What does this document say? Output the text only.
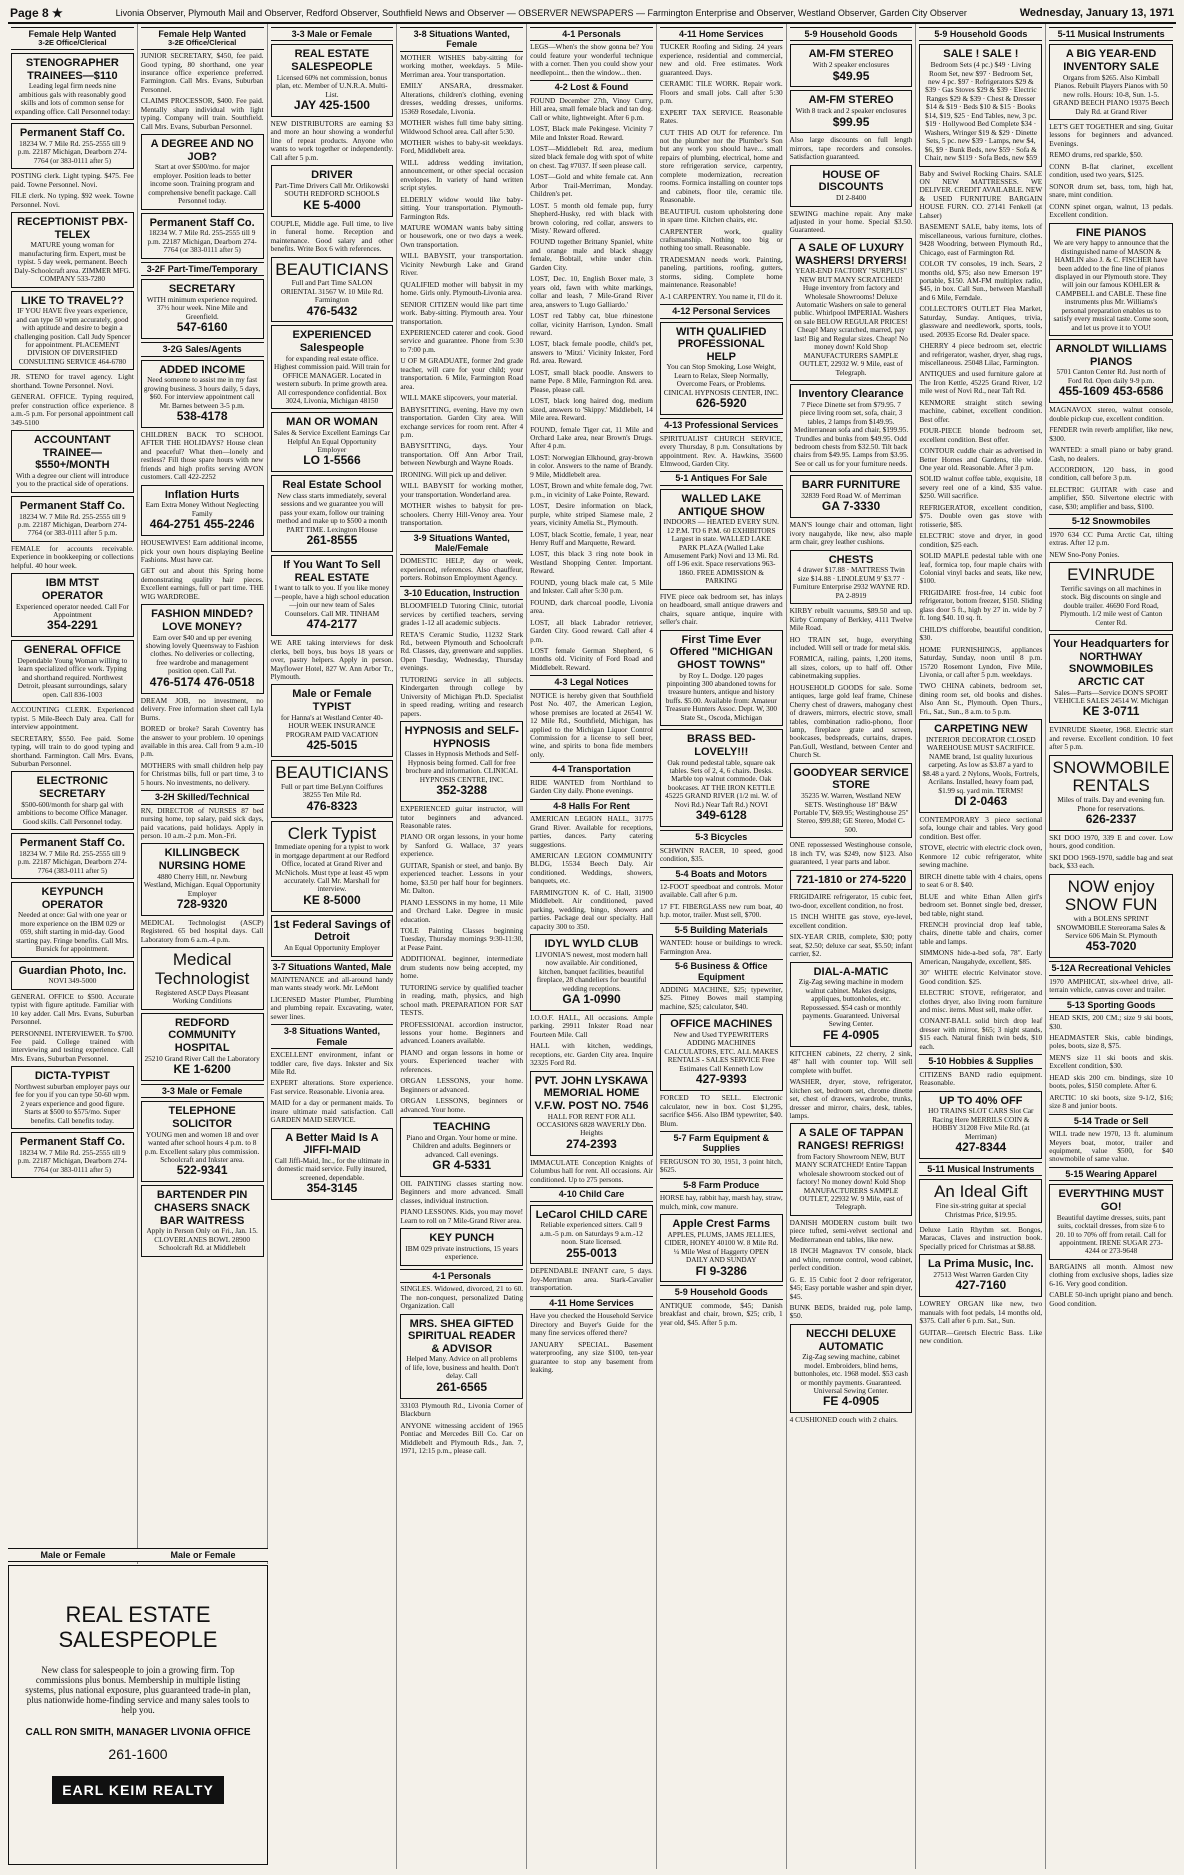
Page 8 ★	Livonia Observer, Plymouth Mail and Observer, Redford Observer, Southfield News and Observer — OBSERVER NEWSPAPERS — Farmington Enterprise and Observer, Westland Observer, Garden City Observer	Wednesday, January 13, 1971
Female Help Wanted
3-2E Office/Clerical
STENOGRAPHER TRAINEES—$110
Leading legal firm needs nine ambitious gals with reasonably good skills and lots of common sense for expanding office. Call Personnel today:
Permanent Staff Co.
18234 W. 7 Mile Rd. 255-2555 till 9 p.m. 22187 Michigan, Dearborn 274-7764 (or 383-0111 after 5)
POSTING clerk. Light typing. $475. Fee paid. Towne Personnel. Novi.
FILE clerk. No typing. $92 week. Towne Personnel. Novi.
RECEPTIONIST PBX-TELEX
MATURE young woman for manufacturing firm. Expert, must be typist. 5 day week, permanent. Beech Daly-Schoolcraft area. ZIMMER MFG. COMPANY 533-7280
LIKE TO TRAVEL??
IF YOU HAVE five years experience, and can type 50 wpm accurately, good with aptitude and desire to begin a challenging position. Call Judy Spencer for appointment. PLACEMENT DIVISION OF DIVERSIFIED CONSULTING SERVICE 464-6780
JR. STENO for travel agency. Light shorthand. Towne Personnel. Novi.
GENERAL OFFICE. Typing required, prefer construction office experience. 8 a.m.-5 p.m. For personal appointment call 349-5100
ACCOUNTANT TRAINEE— $550+/MONTH
With a degree our client will introduce you to the practical side of operations.
Permanent Staff Co.
18234 W. 7 Mile Rd. 255-2555 till 9 p.m. 22187 Michigan, Dearborn 274-7764 (or 383-0111 after 5 p.m.
FEMALE for accounts receivable. Experience in bookkeeping or collections helpful. 40 hour week.
IBM MTST OPERATOR
Experienced operator needed. Call For Appointment
354-2291
GENERAL OFFICE
Dependable Young Woman willing to learn specialized office work. Typing and shorthand required. Northwest Detroit, pleasant surroundings, salary open. Call 836-1003
ACCOUNTING CLERK. Experienced typist. 5 Mile-Beech Daly area. Call for interview appointment.
SECRETARY, $550. Fee paid. Some typing, will train to do good typing and shorthand. Farmington. Call Mrs. Evans, Suburban Personnel.
ELECTRONIC SECRETARY
$500-600/month for sharp gal with ambitions to become Office Manager. Good skills. Call Personnel today.
Permanent Staff Co.
18234 W. 7 Mile Rd. 255-2555 till 9 p.m. 22187 Michigan, Dearborn 274-7764 (383-0111 after 5)
KEYPUNCH OPERATOR
Needed at once: Gal with one year or more experience on the IBM 029 or 059, shift starting in mid-day. Good starting pay. Fringe benefits. Call Mrs. Bursick for appointment.
Guardian Photo, Inc.
NOVI 349-5000
GENERAL OFFICE to $500. Accurate typist with figure aptitude. Familiar with 10 key adder. Call Mrs. Evans, Suburban Personnel.
PERSONNEL INTERVIEWER. To $700. Fee paid. College trained with interviewing and testing experience. Call Mrs. Evans, Suburban Personnel.
DICTA-TYPIST
Northwest suburban employer pays our fee for you if you can type 50-60 wpm. 2 years experience and good figure. Starts at $500 to $575/mo. Super benefits. Call benefits today.
Permanent Staff Co.
18234 W. 7 Mile Rd. 255-2555 till 9 p.m. 22187 Michigan, Dearborn 274-7764 (or 383-0111 after 5)
Female Help Wanted
3-2E Office/Clerical
JUNIOR SECRETARY, $450, fee paid. Good typing, 80 shorthand, one year insurance office experience preferred. Farmington. Call Mrs. Evans, Suburban Personnel.
CLAIMS PROCESSOR, $400. Fee paid. Mentally sharp individual with light typing. Company will train. Southfield. Call Mrs. Evans, Suburban Personnel.
A DEGREE AND NO JOB?
Start at over $500/mo. for major employer. Position leads to better income soon. Training program and comprehensive benefit package. Call Personnel today.
Permanent Staff Co.
18234 W. 7 Mile Rd. 255-2555 till 9 p.m. 22187 Michigan, Dearborn 274-7764 (or 383-0111 after 5)
3-2F Part-Time/Temporary
SECRETARY
WITH minimum experience required. 37½ hour week. Nine Mile and Greenfield.
547-6160
3-2G Sales/Agents
ADDED INCOME
Need someone to assist me in my fast growing business. 3 hours daily, 5 days, $60. For interview appointment call Mr. Barnes between 3-5 p.m.
538-4178
CHILDREN BACK TO SCHOOL AFTER THE HOLIDAYS? House clean and peaceful? What then—lonely and restless? Fill those spare hours with new friends and high profits serving AVON customers. Call 422-2252
Inflation Hurts
Earn Extra Money Without Neglecting Family
464-2751 455-2246
HOUSEWIVES! Earn additional income, pick your own hours displaying Beeline Fashions. Must have car.
GET out and about this Spring home demonstrating quality hair pieces. Excellent earnings, full or part time. THE WIG WARDROBE.
FASHION MINDED? LOVE MONEY?
Earn over $40 and up per evening showing lovely Queensway to Fashion clothes. No deliveries or collecting, free wardrobe and management position open. Call Pat.
476-5174 476-0518
DREAM JOB, no investment, no delivery. Free information sheet call Lyla Burns.
BORED or broke? Sarah Coventry has the answer to your problem. 10 openings available in this area. Call from 9 a.m.-10 p.m.
MOTHERS with small children help pay for Christmas bills, full or part time, 3 to 5 hours. No investments, no delivery.
3-2H Skilled/Technical
RN, DIRECTOR of NURSES 87 bed nursing home, top salary, paid sick days, paid vacations, paid holidays. Apply in person. 10 a.m.-2 p.m. Mon.-Fri.
KILLINGBECK NURSING HOME
4880 Cherry Hill, nr. Newburg Westland, Michigan. Equal Opportunity Employer
728-9320
MEDICAL Technologist (ASCP) Registered. 65 bed hospital days. Call Laboratory from 6 a.m.-4 p.m.
Medical Technologist
Registered ASCP Days Pleasant Working Conditions
REDFORD COMMUNITY HOSPITAL
25210 Grand River Call the Laboratory
KE 1-6200
3-3 Male or Female
TELEPHONE SOLICITOR
YOUNG men and women 18 and over wanted after school hours 4 p.m. to 8 p.m. Excellent salary plus commission. Schoolcraft and Inkster area.
522-9341
BARTENDER PIN CHASERS SNACK BAR WAITRESS
Apply in Person Only on Fri., Jan. 15. CLOVERLANES BOWL 28900 Schoolcraft Rd. at Middlebelt
3-3 Male or Female
REAL ESTATE SALESPEOPLE
Licensed 60% net commission, bonus plan, etc. Member of U.N.R.A. Multi-List.
JAY 425-1500
NEW DISTRIBUTORS are earning $3 and more an hour showing a wonderful line of repeat products. Anyone who wants to work together or independently. Call after 5 p.m.
DRIVER
Part-Time Drivers Call Mr. Orlikowski SOUTH REDFORD SCHOOLS
KE 5-4000
COUPLE, Middle age. Full time, to live in funeral home. Reception and maintenance. Good salary and other benefits. Write Box 6 with references.
BEAUTICIANS
Full and Part Time SALON ORIENTAL 31567 W. 10 Mile Rd. Farmington
476-5432
EXPERIENCED Salespeople
for expanding real estate office. Highest commission paid. Will train for OFFICE MANAGER. Located in western suburb. In prime growth area. All correspondence confidential. Box 3024, Livonia, Michigan 48150
MAN OR WOMAN
Sales & Service Excellent Earnings Car Helpful An Equal Opportunity Employer
LO 1-5566
Real Estate School
New class starts immediately, several sessions and we guarantee you will pass your exam, follow our training method and make up to $500 a month PART TIME. Lexington House
261-8555
If You Want To Sell REAL ESTATE
I want to talk to you. If you like money—people, have a high school education—join our new team of Sales Counselors. Call MR. TINHAM
474-2177
WE ARE taking interviews for desk clerks, bell boys, bus boys 18 years or over, pastry helpers. Apply in person. Mayflower Hotel, 827 W. Ann Arbor Tr., Plymouth.
Male or Female TYPIST
for Hanna's at Westland Center 40-HOUR WEEK INSURANCE PROGRAM PAID VACATION
425-5015
BEAUTICIANS
Full or part time BeLynn Coiffures 38255 Ten Mile Rd.
476-8323
Clerk Typist
Immediate opening for a typist to work in mortgage department at our Redford Office, located at Grand River and McNichols. Must type at least 45 wpm accurately. Call Mr. Marshall for interview.
KE 8-5000
1st Federal Savings of Detroit
An Equal Opportunity Employer
3-7 Situations Wanted, Male
MAINTENANCE and all-around handy man wants steady work. Mr. LeMont
LICENSED Master Plumber, Plumbing and plumbing repair. Excavating, water, sewer lines.
3-8 Situations Wanted, Female
EXCELLENT environment, infant or toddler care, five days. Inkster and Six Mile Rd.
EXPERT alterations. Store experience. Fast service. Reasonable. Livonia area.
MAID for a day or permanent maids. To insure ultimate maid satisfaction. Call GARDEN MAID SERVICE.
A Better Maid Is A JIFFI-MAID
Call Jiffi-Maid, Inc., for the ultimate in domestic maid service. Fully insured, screened, dependable.
354-3145
3-8 Situations Wanted, Female
MOTHER WISHES baby-sitting for working mother, weekdays. 5 Mile-Merriman area. Your transportation.
EMILY ANSARA, dressmaker. Alterations, children's clothing, evening dresses, wedding dresses, uniforms. 15369 Rosedale, Livonia.
MOTHER wishes full time baby sitting. Wildwood School area. Call after 5:30.
MOTHER wishes to baby-sit weekdays. Ford, Middlebelt area.
WILL address wedding invitation, announcement, or other special occasion envelopes. In variety of hand written script styles.
ELDERLY widow would like baby-sitting. Your transportation. Plymouth-Farmington Rds.
MATURE WOMAN wants baby sitting or housework, one or two days a week. Own transportation.
WILL BABYSIT, your transportation. Vicinity Newburgh Lake and Grand River.
QUALIFIED mother will babysit in my home. Girls only. Plymouth-Livonia area.
SENIOR CITIZEN would like part time work. Baby-sitting. Plymouth area. Your transportation.
EXPERIENCED caterer and cook. Good service and guarantee. Phone from 5:30 to 7:00 p.m.
U OF M GRADUATE, former 2nd grade teacher, will care for your child; your transportation. 6 Mile, Farmington Road area.
WILL MAKE slipcovers, your material.
BABYSITTING, evening. Have my own transportation. Garden City area. Will exchange services for room rent. After 4 p.m.
BABYSITTING, days. Your transportation. Off Ann Arbor Trail, between Newburgh and Wayne Roads.
IRONING. Will pick up and deliver.
WILL BABYSIT for working mother, your transportation. Wonderland area.
MOTHER wishes to babysit for pre-schoolers. Cherry Hill-Venoy area. Your transportation.
3-9 Situations Wanted, Male/Female
DOMESTIC HELP, day or week, experienced, references. Also chauffeur, porters. Robinson Employment Agency.
3-10 Education, Instruction
BLOOMFIELD Tutoring Clinic, tutorial services by certified teachers, serving grades 1-12 all academic subjects.
RETA'S Ceramic Studio, 11232 Stark Rd., between Plymouth and Schoolcraft Rd. Classes, day, greenware and supplies. Open Tuesday, Wednesday, Thursday evenings.
TUTORING service in all subjects. Kindergarten through college by University of Michigan Ph.D. Specialist in speed reading, writing and research papers.
HYPNOSIS and SELF-HYPNOSIS
Classes in Hypnosis Methods and Self-Hypnosis being formed. Call for free brochure and information. CLINICAL HYPNOSIS CENTRE, INC.
352-3288
EXPERIENCED guitar instructor, will tutor beginners and advanced. Reasonable rates.
PIANO OR organ lessons, in your home by Sanford G. Wallace, 37 years experience.
GUITAR, Spanish or steel, and banjo. By experienced teacher. Lessons in your home, $3.50 per half hour for beginners. Mr. Dalton.
PIANO LESSONS in my home, 11 Mile and Orchard Lake. Degree in music education.
TOLE Painting Classes beginning Tuesday, Thursday mornings 9:30-11:30, at Pease Paint.
ADDITIONAL beginner, intermediate drum students now being accepted, my home.
TUTORING service by qualified teacher in reading, math, physics, and high school math. PREPARATION FOR SAT TESTS.
PROFESSIONAL accordion instructor, lessons your home. Beginners and advanced. Loaners available.
PIANO and organ lessons in home or yours. Experienced teacher with references.
ORGAN LESSONS, your home. Beginners or advanced.
ORGAN LESSONS, beginners or advanced. Your home.
TEACHING
Piano and Organ. Your home or mine. Children and adults. Beginners or advanced. Call evenings.
GR 4-5331
OIL PAINTING classes starting now. Beginners and more advanced. Small classes, individual instruction.
PIANO LESSONS. Kids, you may move! Learn to roll on 7 Mile-Grand River area.
KEY PUNCH
IBM 029 private instructions, 15 years experience.
4-1 Personals
SINGLES. Widowed, divorced, 21 to 60. The non-conquest, personalized Dating Organization. Call
MRS. SHEA GIFTED SPIRITUAL READER & ADVISOR
Helped Many. Advice on all problems of life, love, business and health. Don't delay. Call
261-6565
33103 Plymouth Rd., Livonia Corner of Blackburn
ANYONE witnessing accident of 1965 Pontiac and Mercedes Bill Co. Car on Middlebelt and Plymouth Rds., Jan. 7, 1971, 12:15 p.m., please call.
4-1 Personals
LEGS—When's the show gonna be? You could feature your wonderful technique with a corner. Then you could show your needlepoint... then the window... then.
4-2 Lost & Found
FOUND December 27th, Vinoy Curry, Hill area, small female black and tan dog. Call or white, lightweight. After 6 p.m.
LOST, Black male Pekingese. Vicinity 7 Mile and Inkster Road. Reward.
LOST—Middlebelt Rd. area, medium sized black female dog with spot of white on chest. Tag #7037. If seen please call.
LOST—Gold and white female cat. Ann Arbor Trail-Merriman, Monday. Children's pet.
LOST. 5 month old female pup, furry Shepherd-Husky, red with black with brown coloring, red collar, answers to 'Misty.' Reward offered.
FOUND together Brittany Spaniel, white and orange male and black shaggy female, Bobtail, white under chin. Garden City.
LOST, Dec. 10, English Boxer male, 3 years old, fawn with white markings, collar and leash, 7 Mile-Grand River area, answers to 'Lugo Galliardo.'
LOST red Tabby cat, blue rhinestone collar, vicinity Harrison, Lyndon. Small reward.
LOST, black female poodle, child's pet, answers to 'Mitzi.' Vicinity Inkster, Ford Rd. area. Reward.
LOST, small black poodle. Answers to name Pepe. 8 Mile, Farmington Rd. area. Please, please call.
LOST, black long haired dog, medium sized, answers to 'Skippy.' Middlebelt, 14 Mile area. Reward.
FOUND, female Tiger cat, 11 Mile and Orchard Lake area, near Brown's Drugs. After 4 p.m.
LOST: Norwegian Elkhound, gray-brown in color. Answers to the name of Brandy. 9 Mile, Middlebelt area.
LOST, Brown and white female dog, 7wr. p.m., in vicinity of Lake Pointe, Reward.
LOST, Desire information on black, purple, white striped Siamese male, 2 years, vicinity Amelia St., Plymouth.
LOST, black Scottie, female, 1 year, near Henry Ruff and Marquette, Reward.
LOST, this black 3 ring note book in Westland Shopping Center. Important. Reward.
FOUND, young black male cat, 5 Mile and Inkster. Call after 5:30 p.m.
FOUND, dark charcoal poodle, Livonia area.
LOST, all black Labrador retriever, Garden City. Good reward. Call after 4 p.m.
LOST female German Shepherd, 6 months old. Vicinity of Ford Road and Middlebelt. Reward.
4-3 Legal Notices
NOTICE is hereby given that Southfield Post No. 407, the American Legion, whose premises are located at 26541 W. 12 Mile Rd., Southfield, Michigan, has applied to the Michigan Liquor Control Commission for a license to sell beer, wine, and spirits to bona fide members only.
4-4 Transportation
RIDE WANTED from Northland to Garden City daily. Phone evenings.
4-8 Halls For Rent
AMERICAN LEGION HALL, 31775 Grand River. Available for receptions, parties, dances. Party catering suggestions.
AMERICAN LEGION COMMUNITY BLDG, 15534 Beech Daly. Air conditioned. Weddings, showers, banquets, etc.
FARMINGTON K. of C. Hall, 31900 Middlebelt. Air conditioned, paved parking, wedding, bingo, showers and parties. Package deal our specialty. Hall capacity 300 to 350.
IDYL WYLD CLUB
LIVONIA'S newest, most modern hall now available. Air conditioned, kitchen, banquet facilities, beautiful fireplace, 28 chandeliers for beautiful wedding receptions.
GA 1-0990
I.O.O.F. HALL, All occasions. Ample parking. 29911 Inkster Road near Fourteen Mile. Call
HALL with kitchen, weddings, receptions, etc. Garden City area. Inquire 32325 Ford Rd.
PVT. JOHN LYSKAWA MEMORIAL HOME V.F.W. POST NO. 7546
HALL FOR RENT FOR ALL OCCASIONS 6828 WAVERLY Dbn. Heights
274-2393
IMMACULATE Conception Knights of Columbus hall for rent. All occasions. Air conditioned. Up to 275 persons.
4-10 Child Care
LeCarol CHILD CARE
Reliable experienced sitters. Call 9 a.m.-5 p.m. on Saturdays 9 a.m.-12 noon. State licensed.
255-0013
DEPENDABLE INFANT care, 5 days. Joy-Merriman area. Stark-Cavalier transportation.
4-11 Home Services
Have you checked the Household Service Directory and Buyer's Guide for the many fine services offered there?
JANUARY SPECIAL. Basement waterproofing, any size $100, ten-year guarantee to stop any basement from leaking.
4-11 Home Services
TUCKER Roofing and Siding. 24 years experience, residential and commercial, new and old. Free estimates. Work guaranteed. Days.
CERAMIC TILE WORK. Repair work. Floors and small jobs. Call after 5:30 p.m.
EXPERT TAX SERVICE. Reasonable Rates.
CUT THIS AD OUT for reference. I'm not the plumber nor the Plumber's Son but any work you should have... small repairs of plumbing, electrical, home and store refrigeration service, carpentry, complete modernization, recreation rooms. Formica installing on counter tops and cabinets, floor tile, ceramic tile. Reasonable.
BEAUTIFUL custom upholstering done in spare time. Kitchen chairs, etc.
CARPENTER work, quality craftsmanship. Nothing too big or nothing too small. Reasonable.
TRADESMAN needs work. Painting, paneling, partitions, roofing, gutters, storms, siding. Complete home maintenance. Reasonable!
A-1 CARPENTRY. You name it, I'll do it.
4-12 Personal Services
WITH QUALIFIED PROFESSIONAL HELP
You can Stop Smoking, Lose Weight, Learn to Relax, Sleep Normally, Overcome Fears, or Problems. CINICAL HYPNOSIS CENTER, INC.
626-5920
4-13 Professional Services
SPIRITUALIST CHURCH SERVICE, every Thursday, 8 p.m. Consultations by appointment. Rev. A. Hawkins, 35600 Elmwood, Garden City.
5-1 Antiques For Sale
WALLED LAKE ANTIQUE SHOW
INDOORS — HEATED EVERY SUN. 12 P.M. TO 6 P.M. 60 EXHIBITORS Largest in state. WALLED LAKE PARK PLAZA (Walled Lake Amusement Park) Novi and 13 Mi. Rd. off I-96 exit. Space reservations 963-1860. FREE ADMISSION & PARKING
FIVE piece oak bedroom set, has inlays on headboard, small antique drawers and chairs, square antique, inquire with seller's chair.
First Time Ever Offered "MICHIGAN GHOST TOWNS"
by Roy L. Dodge. 120 pages pinpointing 300 abandoned towns for treasure hunters, antique and history buffs. $5.00. Available from: Amateur Treasure Hunters Assoc. Dept. W, 300 State St., Oscoda, Michigan
BRASS BED-LOVELY!!!
Oak round pedestal table, square oak tables. Sets of 2, 4, 6 chairs. Desks. Marble top walnut commode. Oak bookcases. AT THE IRON KETTLE 45225 GRAND RIVER (1/2 mi. W. of Novi Rd.) Near Taft Rd.) NOVI
349-6128
5-3 Bicycles
SCHWINN RACER, 10 speed, good condition, $35.
5-4 Boats and Motors
12-FOOT speedboat and controls. Motor available. Call after 6 p.m.
17 FT. FIBERGLASS new rum boat, 40 h.p. motor, trailer. Must sell, $700.
5-5 Building Materials
WANTED: house or buildings to wreck. Farmington Area.
5-6 Business & Office Equipment
ADDING MACHINE, $25; typewriter, $25. Pitney Bowes mail stamping machine, $25; calculator, $40.
OFFICE MACHINES
New and Used TYPEWRITERS ADDING MACHINES CALCULATORS, ETC. ALL MAKES RENTALS - SALES SERVICE Free Estimates Call Kenneth Low
427-9393
FORCED TO SELL. Electronic calculator, new in box. Cost $1,295, sacrifice $456. Also IBM typewriter, $40. Blum.
5-7 Farm Equipment & Supplies
FERGUSON TO 30, 1951, 3 point hitch, $625.
5-8 Farm Produce
HORSE hay, rabbit hay, marsh hay, straw, mulch, mink, cow manure.
Apple Crest Farms
APPLES, PLUMS, JAMS JELLIES, CIDER, HONEY 40100 W. 8 Mile Rd. ¼ Mile West of Haggerty OPEN DAILY AND SUNDAY
FI 9-3286
5-9 Household Goods
ANTIQUE commode, $45; Danish breakfast and chair, brown, $25; crib, 1 year old, $45. After 5 p.m.
5-9 Household Goods
AM-FM STEREO
With 2 speaker enclosures
$49.95
AM-FM STEREO
With 8 track and 2 speaker enclosures
$99.95
Also large discounts on full length mirrors, tape recorders and consoles. Satisfaction guaranteed.
HOUSE OF DISCOUNTS
DI 2-8400
SEWING machine repair. Any make adjusted in your home. Special $3.50. Guaranteed.
A SALE OF LUXURY WASHERS! DRYERS!
YEAR-END FACTORY "SURPLUS" NEW BUT MANY SCRATCHED! Huge inventory from factory and Wholesale Showrooms! Deluxe Automatic Washers on sale to general public. Whirlpool IMPERIAL Washers on sale BELOW REGULAR PRICES! Cheap! Many scratched, marred, pay last! Big and Regular sizes. Cheap! No money down! Kold Shop MANUFACTURERS SAMPLE OUTLET, 22932 W. 9 Mile, east of Telegraph.
Inventory Clearance
7 Piece Dinette set from $79.95. 7 piece living room set, sofa, chair, 3 tables, 2 lamps from $149.95. Mediterranean sofa and chair, $199.95. Trundles and bunks from $49.95. Odd bedroom chests from $32.50. Tilt back chairs from $49.95. Lamps from $3.95. See or call us for your furniture needs.
BARR FURNITURE
32839 Ford Road W. of Merriman
GA 7-3330
MAN'S lounge chair and ottoman, light ivory naugahyde, like new, also maple arm chair, grey leather cushions.
CHESTS
4 drawer $17.88 · MATTRESS Twin size $14.88 · LINOLEUM 9' $3.77 · Furniture Enterprise 2932 WAYNE RD. PA 2-8919
KIRBY rebuilt vacuums, $89.50 and up. Kirby Company of Berkley, 4111 Twelve Mile Road.
HO TRAIN set, huge, everything included. Will sell or trade for metal skis.
FORMICA, railing, paints, 1,200 items, all sizes, colors, up to half off. Other cabinetmaking supplies.
HOUSEHOLD GOODS for sale. Some antiques, large gold leaf frame, Chinese Cherry chest of drawers, mahogany chest of drawers, mirrors, electric stove, small tables, combination radio-phono, floor lamp, fireplace grate and screen, bookcases, bedspreads, curtains, drapes. Pan.Gull, Westland, between Center and Church St.
GOODYEAR SERVICE STORE
35235 W. Warren, Westland NEW SETS. Westinghouse 18" B&W Portable TV, $69.95; Westinghouse 25" Stereo, $99.88; GE Stereo, Model C-500.
ONE repossessed Westinghouse console, 18 inch TV, was $249, now $123. Also guaranteed, 1 year parts and labor.
721-1810 or 274-5220
FRIGIDAIRE refrigerator, 15 cubic feet, two-door, excellent condition, no frost.
15 INCH WHITE gas stove, eye-level, excellent condition.
SIX-YEAR CRIB, complete, $30; potty seat, $2.50; deluxe car seat, $5.50; infant carrier, $2.
DIAL-A-MATIC
Zig-Zag sewing machine in modern walnut cabinet. Makes designs, appliques, buttonholes, etc. Repossessed. $54 cash or monthly payments. Guaranteed. Universal Sewing Center.
FE 4-0905
KITCHEN cabinets, 22 cherry, 2 sink, 48" hall with counter top. Will sell complete with buffet.
WASHER, dryer, stove, refrigerator, kitchen set, bedroom set, chrome dinette set, chest of drawers, wardrobe, trunks, dresser and mirror, chairs, desk, tables, lamps.
A SALE OF TAPPAN RANGES! REFRIGS!
from Factory Showroom NEW, BUT MANY SCRATCHED! Entire Tappan wholesale showroom stocked out of factory! No money down! Kold Shop MANUFACTURERS SAMPLE OUTLET, 22932 W. 9 Mile, east of Telegraph.
DANISH MODERN custom built two piece tufted, semi-velvet sectional and Mediterranean end tables, like new.
18 INCH Magnavox TV console, black and white, remote control, wood cabinet, perfect condition.
G. E. 15 Cubic foot 2 door refrigerator, $45; Easy portable washer and spin dryer, $45.
BUNK BEDS, braided rug, pole lamp, $50.
NECCHI DELUXE AUTOMATIC
Zig-Zag sewing machine, cabinet model. Embroiders, blind hems, buttonholes, etc. 1968 model. $53 cash or monthly payments. Guaranteed. Universal Sewing Center.
FE 4-0905
4 CUSHIONED couch with 2 chairs.
5-9 Household Goods
SALE ! SALE !
Bedroom Sets (4 pc.) $49 · Living Room Set, new $97 · Bedroom Set, new 4 pc. $97 · Refrigerators $29 & $39 · Gas Stoves $29 & $39 · Electric Ranges $29 & $39 · Chest & Dresser $14 & $19 · Beds $10 & $15 · Books $14, $19, $25 · End Tables, new, 3 pc. $19 · Hollywood Bed Complete $34 · Washers, Wringer $19 & $29 · Dinette Sets, 5 pc. new $39 · Lamps, new $4, $6, $9 · Bunk Beds, new $59 · Sofa & Chair, new $119 · Sofa Beds, new $59
Baby and Swivel Rocking Chairs. SALE ON NEW MATTRESSES. WE DELIVER. CREDIT AVAILABLE. NEW & USED FURNITURE BARGAIN HOUSE FURN. CO. 27141 Fenkell (at Lahser)
BASEMENT SALE, baby items, lots of miscellaneous, various furniture, clothes. 9428 Woodring, between Plymouth Rd., Chicago, east of Farmington Rd.
COLOR TV consoles, 19 inch. Sears, 2 months old, $75; also new Emerson 19" portable, $150. AM-FM multiplex radio, $45, in box. Call Sun., between Marshall and 6 Mile, Ferndale.
COLLECTOR'S OUTLET Flea Market, Saturday, Sunday. Antiques, trivia, glassware and needlework, sports, tools, used. 20935 Ecorse Rd. Dealer space.
CHERRY 4 piece bedroom set, electric and refrigerator, washer, dryer, shag rugs, miscellaneous. 25048 Lilac, Farmington.
ANTIQUES and used furniture galore at The Iron Kettle, 45225 Grand River, 1/2 mile west of Novi Rd., near Taft Rd.
KENMORE straight stitch sewing machine, cabinet, excellent condition. Best offer.
FOUR-PIECE blonde bedroom set, excellent condition. Best offer.
CONTOUR cuddle chair as advertised in Better Homes and Gardens, tile wide. One year old. Reasonable. After 3 p.m.
SOLID walnut coffee table, exquisite, 18 severy reel one of a kind, $35 value. $250. Will sacrifice.
REFRIGERATOR, excellent condition, $75. Double oven gas stove with rotisserie, $85.
ELECTRIC stove and dryer, in good condition, $25 each.
SOLID MAPLE pedestal table with one leaf, formica top, four maple chairs with Colonial vinyl backs and seats, like new, $100.
FRIGIDAIRE frost-free, 14 cubic foot refrigerator, bottom freezer, $150. Sliding glass door 5 ft., high by 27 in. wide by 7 ft. long $40. 10 sq. ft.
CHILD'S chifforobe, beautiful condition, $30.
HOME FURNISHINGS, appliances Saturday, Sunday, noon until 8 p.m. 15720 Rosemont Lyndon, Five Mile, Livonia, or call after 5 p.m. weekdays.
TWO CHINA cabinets, bedroom set, dining room set, old books and dishes. Also Ann St., Plymouth. Open Thurs., Fri., Sat., Sun., 8 a.m. to 5 p.m.
CARPETING NEW
INTERIOR DECORATOR CLOSED WAREHOUSE MUST SACRIFICE. NAME brand, 1st quality luxurious carpeting. As low as $3.87 a yard to $8.48 a yard. 2 Nylons, Wools, Fortrels, Acrilans. Installed, heavy foam pad, $1.99 sq. yard min. TERMS!
DI 2-0463
CONTEMPORARY 3 piece sectional sofa, lounge chair and tables. Very good condition. Best offer.
STOVE, electric with electric clock oven, Kenmore 12 cubic refrigerator, white sewing machine.
BIRCH dinette table with 4 chairs, opens to seat 6 or 8. $40.
BLUE and white Ethan Allen girl's bedroom set. Bonnet single bed, dresser, bed table, night stand.
FRENCH provincial drop leaf table, chairs, dinette table and chairs, corner table and lamps.
SIMMONS hide-a-bed sofa, 78". Early American, Naugahyde, excellent, $85.
30" WHITE electric Kelvinator stove. Good condition. $25.
ELECTRIC STOVE, refrigerator, and clothes dryer, also living room furniture and misc. items. Must sell, make offer.
CONANT-BALL solid birch drop leaf dresser with mirror, $65; 3 night stands, $15 each. Natural finish twin beds, $10 each.
5-10 Hobbies & Supplies
CITIZENS BAND radio equipment. Reasonable.
UP TO 40% OFF
HO TRAINS SLOT CARS Slot Car Racing Here MERRILS COIN & HOBBY 31208 Five Mile Rd. (at Merriman)
427-8344
5-11 Musical Instruments
An Ideal Gift
Fine six-string guitar at special Christmas Price, $19.95.
Deluxe Latin Rhythm set. Bongos, Maracas, Claves and instruction book. Specially priced for Christmas at $8.88.
La Prima Music, Inc.
27513 West Warren Garden City
427-7160
LOWREY ORGAN like new, two manuals with foot pedals, 14 months old, $375. Call after 6 p.m. Sat., Sun.
GUITAR—Gretsch Electric Bass. Like new condition.
5-11 Musical Instruments
A BIG YEAR-END INVENTORY SALE
Organs from $265. Also Kimball Pianos. Rebuilt Players Pianos with 50 new rolls. Hours: 10-8, Sun. 1-5. GRAND BEECH PIANO 19375 Beech Daly Rd. at Grand River
LET'S GET TOGETHER and sing. Guitar lessons for beginners and advanced. Evenings.
REMO drums, red sparkle, $50.
CONN B-flat clarinet, excellent condition, used two years, $125.
SONOR drum set, bass, tom, high hat, snare, mint condition.
CONN spinet organ, walnut, 13 pedals. Excellent condition.
FINE PIANOS
We are very happy to announce that the distinguished name of MASON & HAMLIN also J. & C. FISCHER have been added to the fine line of pianos displayed in our Plymouth store. They will join our famous KOHLER & CAMPBELL and CABLE. These fine instruments plus Mr. Williams's personal preparation enables us to satisfy every musical taste. Come soon, and let us prove it to YOU!
ARNOLDT WILLIAMS PIANOS
5701 Canton Center Rd. Just north of Ford Rd. Open daily 9-9 p.m.
455-1609 453-6586
MAGNAVOX stereo, walnut console, double pickup cue, excellent condition.
FENDER twin reverb amplifier, like new, $300.
WANTED: a small piano or baby grand. Cash, no dealers.
ACCORDION, 120 bass, in good condition, call before 3 p.m.
ELECTRIC GUITAR with case and amplifier, $50. Silvertone electric with case, $30; amplifier and bass, $100.
5-12 Snowmobiles
1970 634 CC Puma Arctic Cat, tilting extras. After 12 p.m.
NEW Sno-Pony Ponies.
EVINRUDE
Terrific savings on all machines in stock. Big discounts on single and double trailer. 46690 Ford Road, Plymouth. 1/2 mile west of Canton Center Rd.
Your Headquarters for NORTHWAY SNOWMOBILES ARCTIC CAT
Sales—Parts—Service DON'S SPORT VEHICLE SALES 24514 W. Michigan
KE 3-0711
EVINRUDE Skeeter, 1968. Electric start and reverse. Excellent condition. 10 feet after 5 p.m.
SNOWMOBILE RENTALS
Miles of trails. Day and evening fun. Phone for reservations.
626-2337
SKI DOO 1970, 339 E and cover. Low hours, good condition.
SKI DOO 1969-1970, saddle bag and seat back, $33 each.
NOW enjoy SNOW FUN
with a BOLENS SPRINT SNOWMOBILE Stereorama Sales & Service 606 Main St. Plymouth
453-7020
5-12A Recreational Vehicles
1970 AMPHICAT, six-wheel drive, all-terrain vehicle, canvas cover and trailer.
5-13 Sporting Goods
HEAD SKIS, 200 CM.; size 9 ski boots, $30.
HEADMASTER Skis, cable bindings, poles, boots, size 8, $75.
MEN'S size 11 ski boots and skis. Excellent condition, $30.
HEAD skis 200 cm. bindings, size 10 boots, poles, $150 complete. After 6.
ARCTIC 10 ski boots, size 9-1/2, $16; size 8 and junior boots.
5-14 Trade or Sell
WILL trade new 1970, 13 ft. aluminum Meyers boat, motor, trailer and equipment, value $500, for $40 snowmobile of same value.
5-15 Wearing Apparel
EVERYTHING MUST GO!
Beautiful daytime dresses, suits, pant suits, cocktail dresses, from size 6 to 20. 10 to 70% off from retail. Call for appointment. IRENE SUGAR 273-4244 or 273-9648
BARGAINS all month. Almost new clothing from exclusive shops, ladies size 6-16. Very good condition.
CABLE 50-inch upright piano and bench. Good condition.
Male or Female	Male or Female
REAL ESTATE SALESPEOPLE
New class for salespeople to join a growing firm. Top commissions plus bonus. Membership in multiple listing systems, plus national exposure, plus guaranteed trade-in plan, plus nationwide home-finding service and many sales tools to help you.
CALL RON SMITH, MANAGER LIVONIA OFFICE
261-1600
EARL KEIM REALTY
